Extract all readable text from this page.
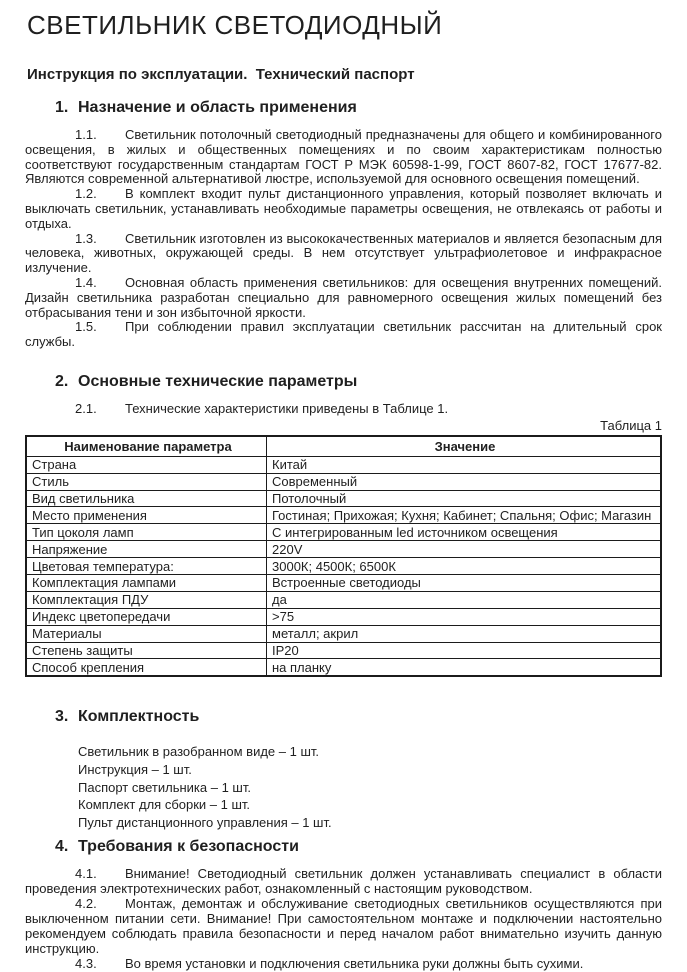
СВЕТИЛЬНИК СВЕТОДИОДНЫЙ

Инструкция по эксплуатации.  Технический паспорт

1. Назначение и область применения

1.1. Светильник потолочный светодиодный предназначены для общего и комбинированного освещения, в жилых и общественных помещениях и по своим характеристикам полностью соответствуют государственным стандартам ГОСТ Р МЭК 60598-1-99, ГОСТ 8607-82, ГОСТ 17677-82. Являются современной альтернативой люстре, используемой для основного освещения помещений.

1.2. В комплект входит пульт дистанционного управления, который позволяет включать и выключать светильник, устанавливать необходимые параметры освещения, не отвлекаясь от работы и отдыха.

1.3. Светильник изготовлен из высококачественных материалов и является безопасным для человека, животных, окружающей среды. В нем отсутствует ультрафиолетовое и инфракрасное излучение.

1.4. Основная область применения светильников: для освещения внутренних помещений. Дизайн светильника разработан специально для равномерного освещения жилых помещений без отбрасывания тени и зон избыточной яркости.

1.5. При соблюдении правил эксплуатации светильник рассчитан на длительный срок службы.

2. Основные технические параметры

2.1. Технические характеристики приведены в Таблице 1.

Таблица 1
Наименование параметра	Значение
Страна	Китай
Стиль	Современный
Вид светильника	Потолочный
Место применения	Гостиная; Прихожая; Кухня; Кабинет; Спальня; Офис; Магазин
Тип цоколя ламп	С интегрированным led источником освещения
Напряжение	220V
Цветовая температура:	3000К; 4500К; 6500К
Комплектация лампами	Встроенные светодиоды
Комплектация ПДУ	да
Индекс цветопередачи	>75
Материалы	металл; акрил
Степень защиты	IP20
Способ крепления	на планку
3. Комплектность

Светильник в разобранном виде – 1 шт.

Инструкция – 1 шт.

Паспорт светильника – 1 шт.

Комплект для сборки – 1 шт.

Пульт дистанционного управления – 1 шт.

4. Требования к безопасности

4.1. Внимание! Светодиодный светильник должен устанавливать специалист в области проведения электротехнических работ, ознакомленный с настоящим руководством.

4.2. Монтаж, демонтаж и обслуживание светодиодных светильников осуществляются при выключенном питании сети. Внимание! При самостоятельном монтаже и подключении настоятельно рекомендуем соблюдать правила безопасности и перед началом работ внимательно изучить данную инструкцию.

4.3. Во время установки и подключения светильника руки должны быть сухими.
